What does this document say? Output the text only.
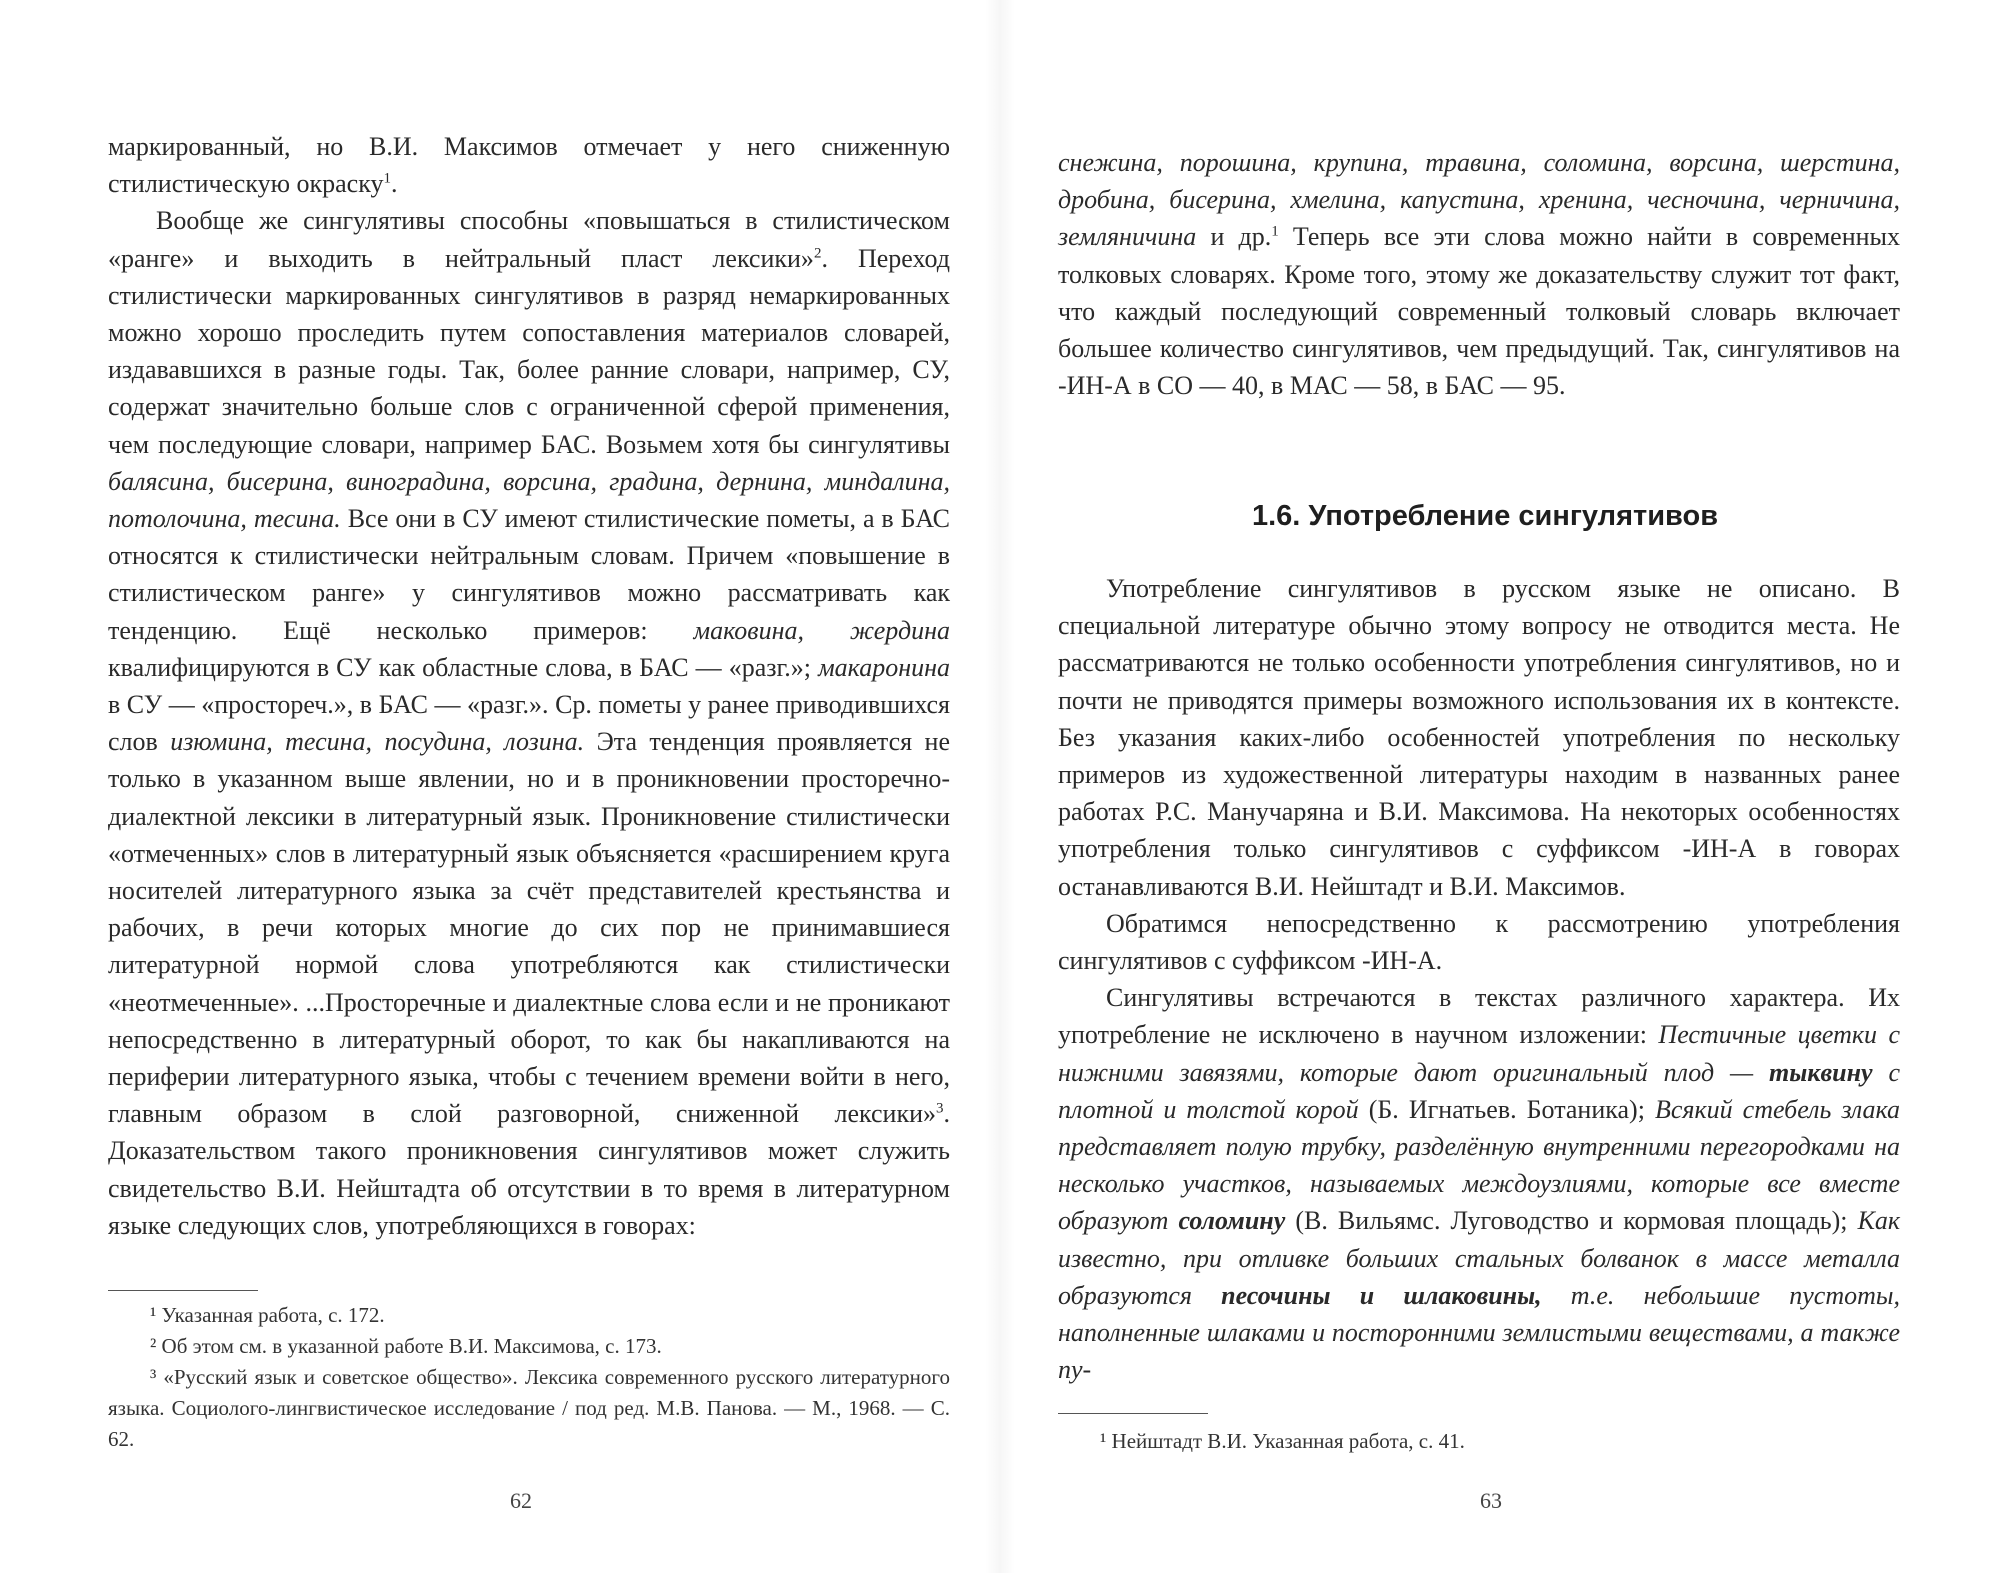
маркированный, но В.И. Максимов отмечает у него сниженную стилистическую окраску$^1$.

Вообще же сингулятивы способны «повышаться в стилистическом «ранге» и выходить в нейтральный пласт лексики»$^2$. Переход стилистически маркированных сингулятивов в разряд немаркированных можно хорошо проследить путем сопоставления материалов словарей, издававшихся в разные годы. Так, более ранние словари, например, СУ, содержат значительно больше слов с ограниченной сферой применения, чем последующие словари, например БАС. Возьмем хотя бы сингулятивы балясина, бисерина, виноградина, ворсина, градина, дернина, миндалина, потолочина, тесина. Все они в СУ имеют стилистические пометы, а в БАС относятся к стилистически нейтральным словам. Причем «повышение в стилистическом ранге» у сингулятивов можно рассматривать как тенденцию. Ещё несколько примеров: маковина, жердина квалифицируются в СУ как областные слова, в БАС — «разг.»; макаронина в СУ — «простореч.», в БАС — «разг.». Ср. пометы у ранее приводившихся слов изюмина, тесина, посудина, лозина. Эта тенденция проявляется не только в указанном выше явлении, но и в проникновении просторечно-диалектной лексики в литературный язык. Проникновение стилистически «отмеченных» слов в литературный язык объясняется «расширением круга носителей литературного языка за счёт представителей крестьянства и рабочих, в речи которых многие до сих пор не принимавшиеся литературной нормой слова употребляются как стилистически «неотмеченные». ...Просторечные и диалектные слова если и не проникают непосредственно в литературный оборот, то как бы накапливаются на периферии литературного языка, чтобы с течением времени войти в него, главным образом в слой разговорной, сниженной лексики»$^3$. Доказательством такого проникновения сингулятивов может служить свидетельство В.И. Нейштадта об отсутствии в то время в литературном языке следующих слов, употребляющихся в говорах:

¹ Указанная работа, с. 172.

² Об этом см. в указанной работе В.И. Максимова, с. 173.

³ «Русский язык и советское общество». Лексика современного русского литературного языка. Социолого-лингвистическое исследование / под ред. М.В. Панова. — М., 1968. — С. 62.

62

снежина, порошина, крупина, травина, соломина, ворсина, шерстина, дробина, бисерина, хмелина, капустина, хренина, чесночина, черничина, земляничина и др.$^1$ Теперь все эти слова можно найти в современных толковых словарях. Кроме того, этому же доказательству служит тот факт, что каждый последующий современный толковый словарь включает большее количество сингулятивов, чем предыдущий. Так, сингулятивов на -ИН-А в СО — 40, в МАС — 58, в БАС — 95.

Употребление сингулятивов в русском языке не описано. В специальной литературе обычно этому вопросу не отводится места. Не рассматриваются не только особенности употребления сингулятивов, но и почти не приводятся примеры возможного использования их в контексте. Без указания каких-либо особенностей употребления по нескольку примеров из художественной литературы находим в названных ранее работах Р.С. Манучаряна и В.И. Максимова. На некоторых особенностях употребления только сингулятивов с суффиксом -ИН-А в говорах останавливаются В.И. Нейштадт и В.И. Максимов.

Обратимся непосредственно к рассмотрению употребления сингулятивов с суффиксом -ИН-А.

Сингулятивы встречаются в текстах различного характера. Их употребление не исключено в научном изложении: Пестичные цветки с нижними завязями, которые дают оригинальный плод — тыквину с плотной и толстой корой (Б. Игнатьев. Ботаника); Всякий стебель злака представляет полую трубку, разделённую внутренними перегородками на несколько участков, называемых междоузлиями, которые все вместе образуют соломину (В. Вильямс. Луговодство и кормовая площадь); Как известно, при отливке больших стальных болванок в массе металла образуются песочины и шлаковины, т.е. небольшие пустоты, наполненные шлаками и посторонними землистыми веществами, а также пу-

¹ Нейштадт В.И. Указанная работа, с. 41.

63
1.6. Употребление сингулятивов
